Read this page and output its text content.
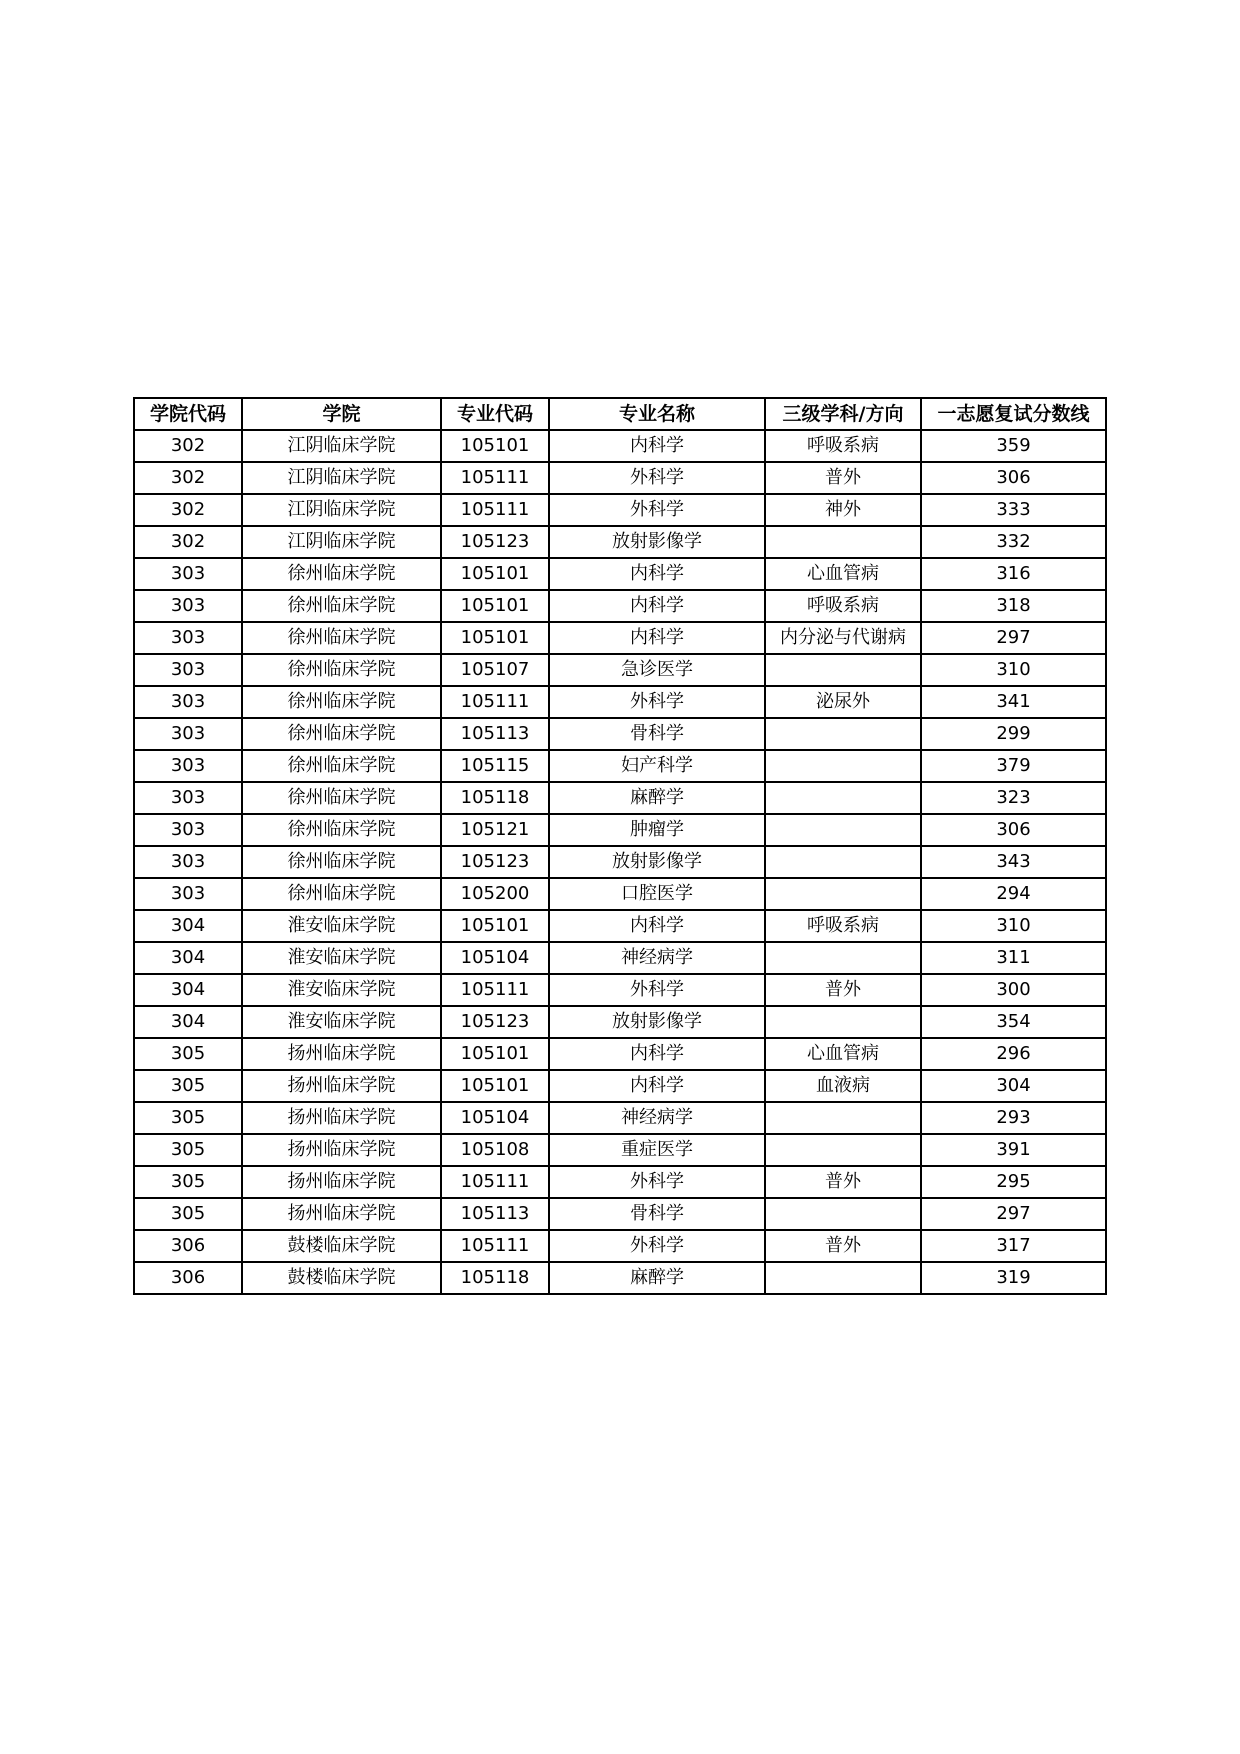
学院代码	学院	专业代码	专业名称	三级学科/方向	一志愿复试分数线
302	江阴临床学院	105101	内科学	呼吸系病	359
302	江阴临床学院	105111	外科学	普外	306
302	江阴临床学院	105111	外科学	神外	333
302	江阴临床学院	105123	放射影像学		332
303	徐州临床学院	105101	内科学	心血管病	316
303	徐州临床学院	105101	内科学	呼吸系病	318
303	徐州临床学院	105101	内科学	内分泌与代谢病	297
303	徐州临床学院	105107	急诊医学		310
303	徐州临床学院	105111	外科学	泌尿外	341
303	徐州临床学院	105113	骨科学		299
303	徐州临床学院	105115	妇产科学		379
303	徐州临床学院	105118	麻醉学		323
303	徐州临床学院	105121	肿瘤学		306
303	徐州临床学院	105123	放射影像学		343
303	徐州临床学院	105200	口腔医学		294
304	淮安临床学院	105101	内科学	呼吸系病	310
304	淮安临床学院	105104	神经病学		311
304	淮安临床学院	105111	外科学	普外	300
304	淮安临床学院	105123	放射影像学		354
305	扬州临床学院	105101	内科学	心血管病	296
305	扬州临床学院	105101	内科学	血液病	304
305	扬州临床学院	105104	神经病学		293
305	扬州临床学院	105108	重症医学		391
305	扬州临床学院	105111	外科学	普外	295
305	扬州临床学院	105113	骨科学		297
306	鼓楼临床学院	105111	外科学	普外	317
306	鼓楼临床学院	105118	麻醉学		319
